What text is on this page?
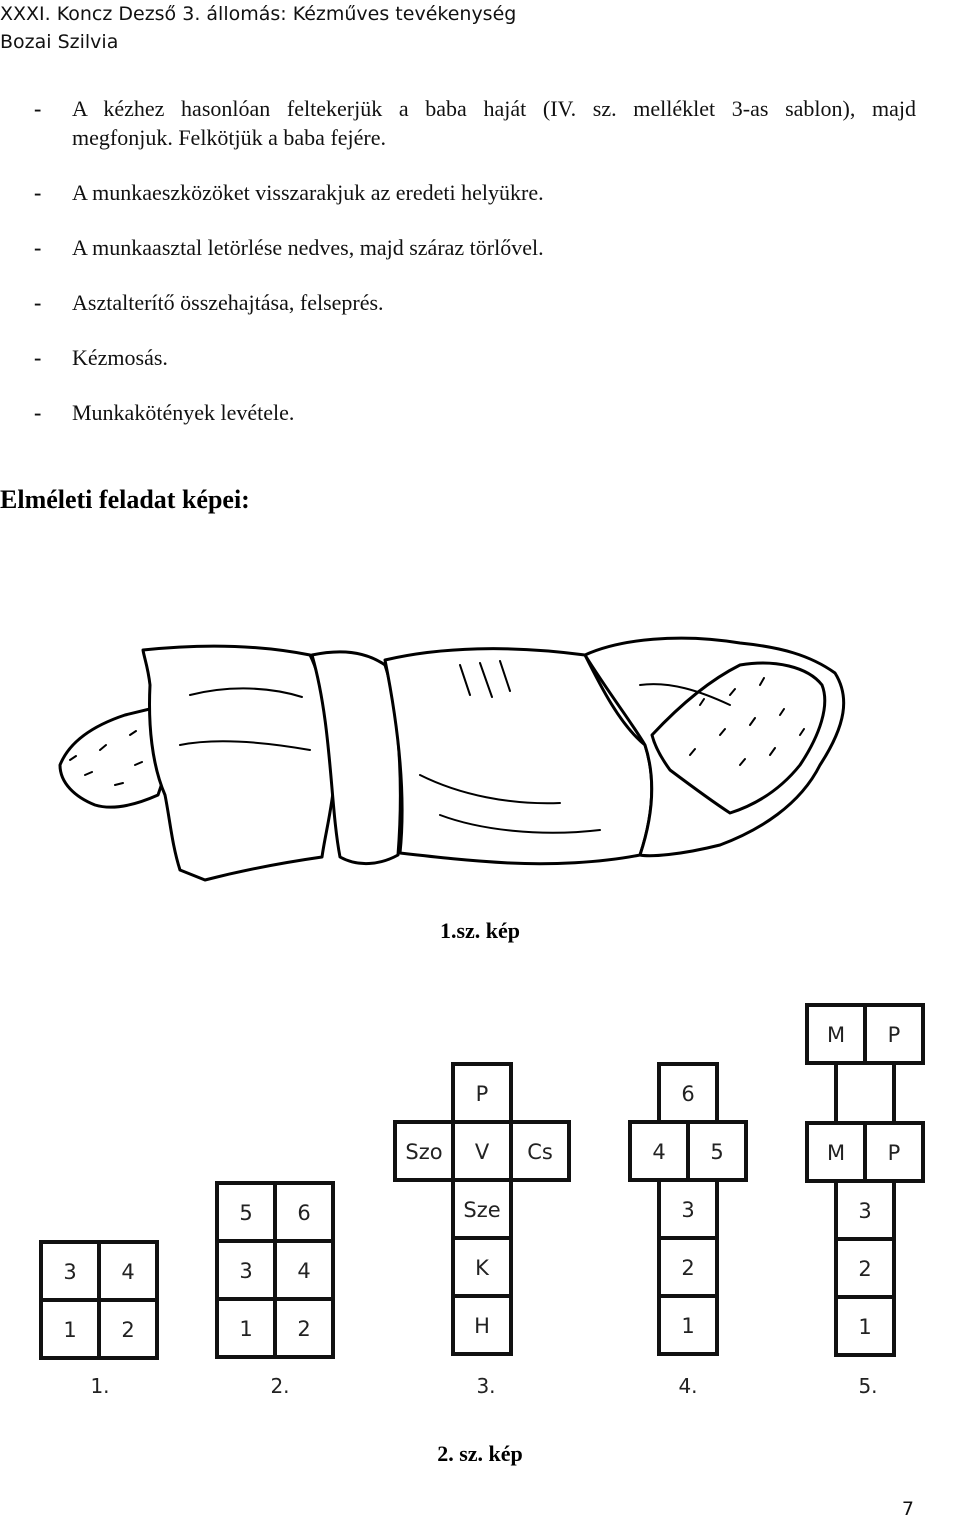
XXXI. Koncz Dezső 3. állomás: Kézműves tevékenység
Bozai Szilvia
-	A kézhez hasonlóan feltekerjük a baba haját (IV. sz. melléklet 3-as sablon), majd
megfonjuk. Felkötjük a baba fejére.
-	A munkaeszközöket visszarakjuk az eredeti helyükre.
-	A munkaasztal letörlése nedves, majd száraz törlővel.
-	Asztalterítő összehajtása, felseprés.
-	Kézmosás.
-	Munkakötények levétele.
Elméleti feladat képei:
1.sz. kép
3 4
1 2
1.
5 6
3 4
1 2
2.
P
Szo V Cs
Sze
K
H
3.
6
4 5
3
2
1
4.
M P
M P
3
2
1
5.
2. sz. kép
7
